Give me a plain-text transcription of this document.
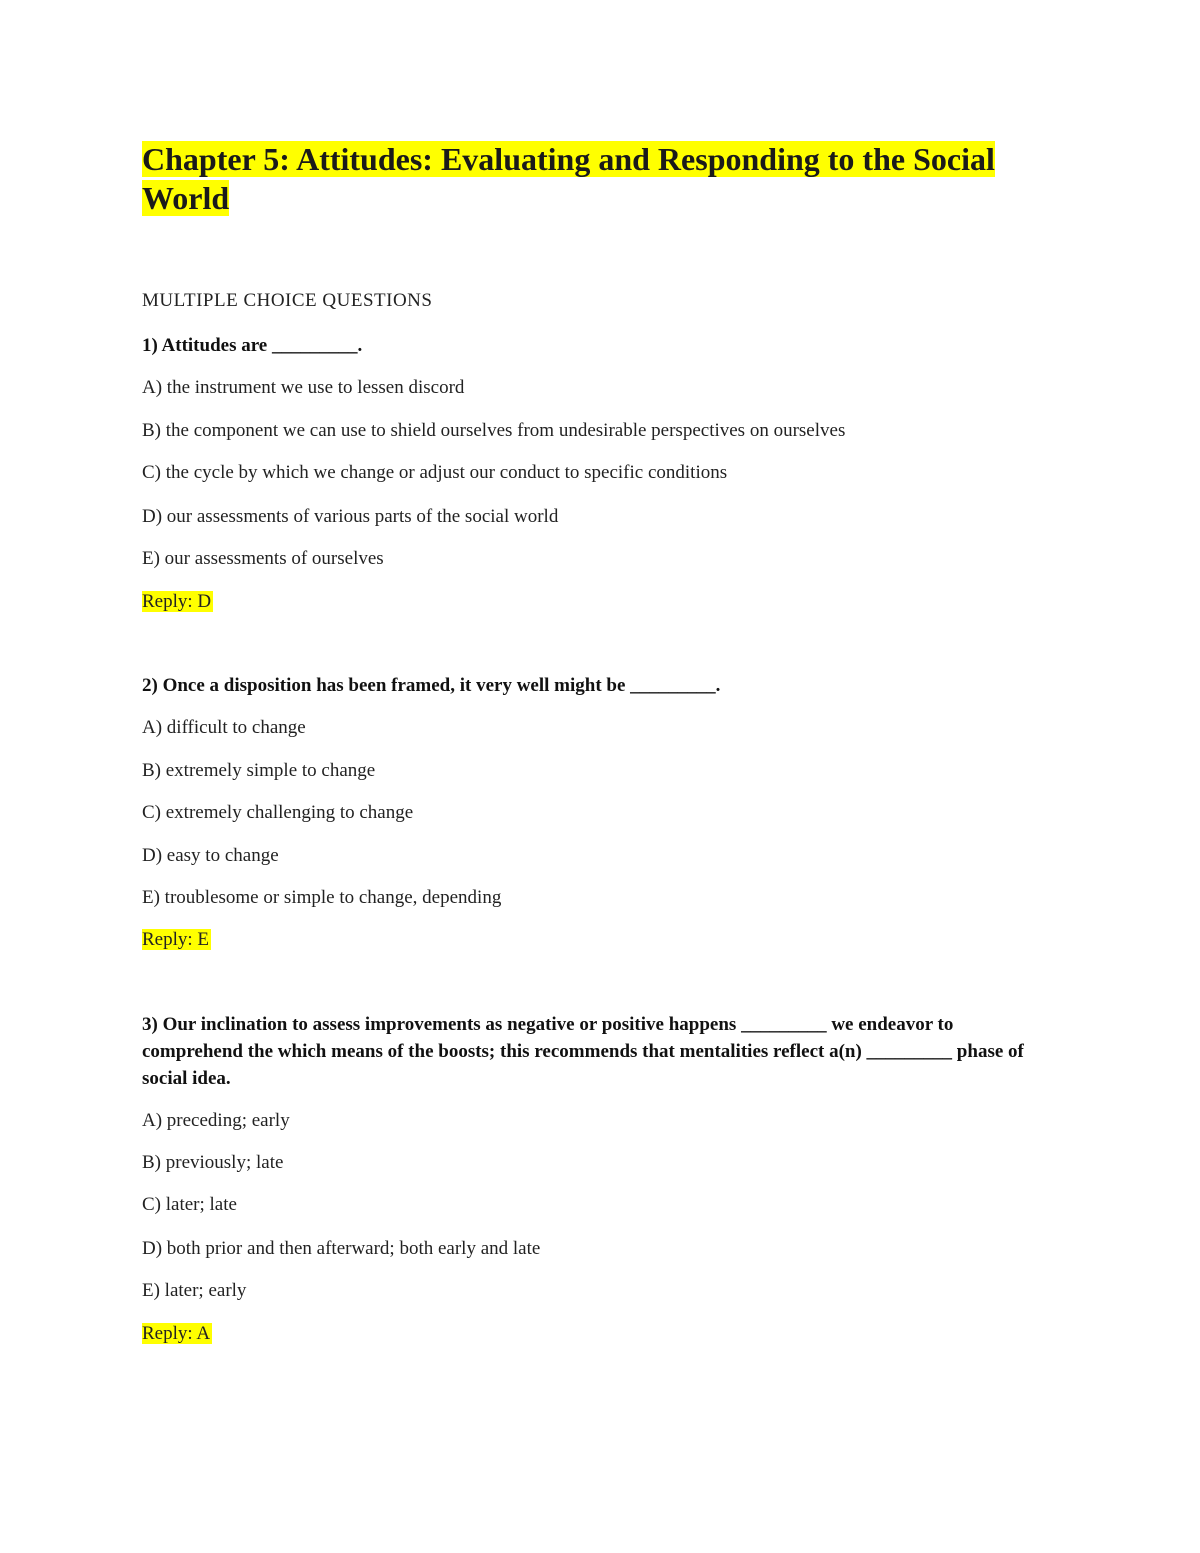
Chapter 5: Attitudes: Evaluating and Responding to the Social World
MULTIPLE CHOICE QUESTIONS

1) Attitudes are _________.

A) the instrument we use to lessen discord

B) the component we can use to shield ourselves from undesirable perspectives on ourselves

C) the cycle by which we change or adjust our conduct to specific conditions

D) our assessments of various parts of the social world

E) our assessments of ourselves

Reply: D

2) Once a disposition has been framed, it very well might be _________.

A) difficult to change

B) extremely simple to change

C) extremely challenging to change

D) easy to change

E) troublesome or simple to change, depending

Reply: E

3) Our inclination to assess improvements as negative or positive happens _________ we endeavor to comprehend the which means of the boosts; this recommends that mentalities reflect a(n) _________ phase of social idea.

A) preceding; early

B) previously; late

C) later; late

D) both prior and then afterward; both early and late

E) later; early

Reply: A
